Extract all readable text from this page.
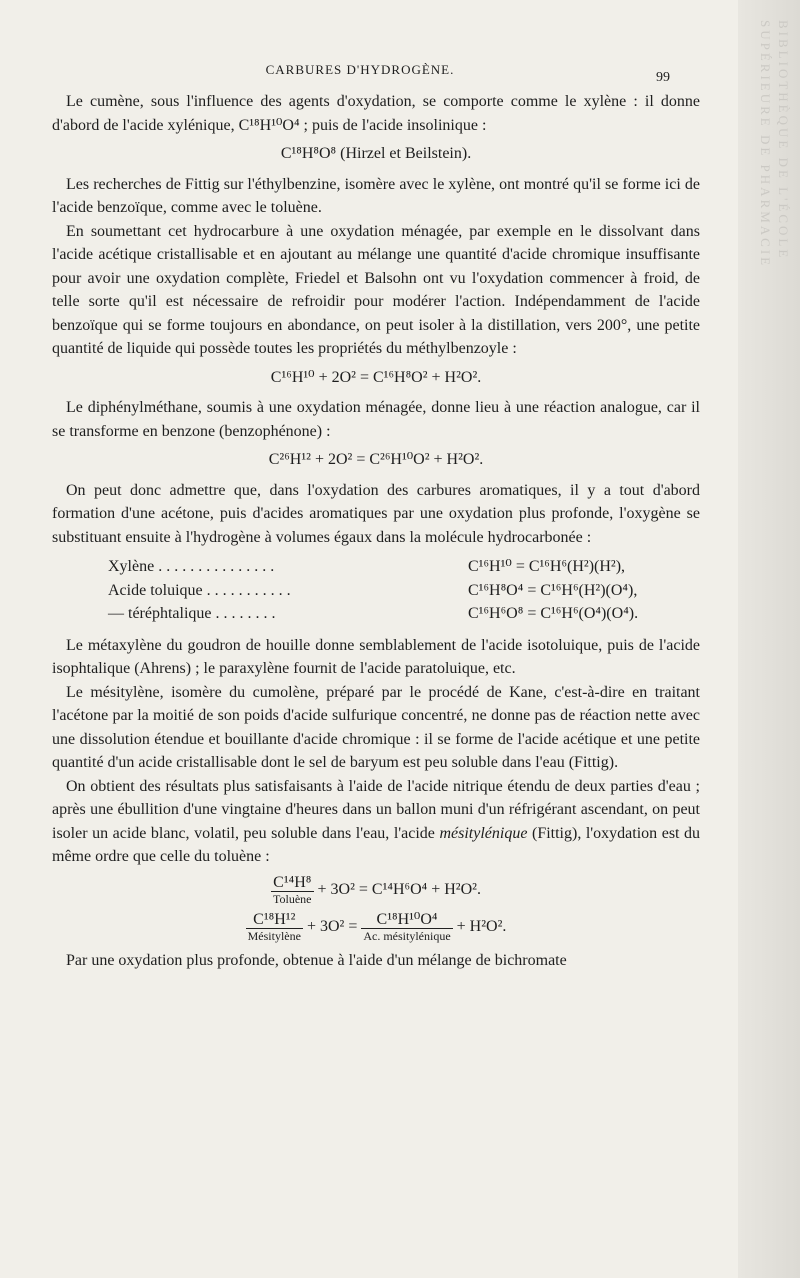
BIBLIOTHÈQUE DE L'ÉCOLE SUPÉRIEURE DE PHARMACIE
CARBURES D'HYDROGÈNE.
99

Le cumène, sous l'influence des agents d'oxydation, se comporte comme le xylène : il donne d'abord de l'acide xylénique, C¹⁸H¹⁰O⁴ ; puis de l'acide insolinique :

C¹⁸H⁸O⁸ (Hirzel et Beilstein).

Les recherches de Fittig sur l'éthylbenzine, isomère avec le xylène, ont montré qu'il se forme ici de l'acide benzoïque, comme avec le toluène.

En soumettant cet hydrocarbure à une oxydation ménagée, par exemple en le dissolvant dans l'acide acétique cristallisable et en ajoutant au mélange une quantité d'acide chromique insuffisante pour avoir une oxydation complète, Friedel et Balsohn ont vu l'oxydation commencer à froid, de telle sorte qu'il est nécessaire de refroidir pour modérer l'action. Indépendamment de l'acide benzoïque qui se forme toujours en abondance, on peut isoler à la distillation, vers 200°, une petite quantité de liquide qui possède toutes les propriétés du méthylbenzoyle :

C¹⁶H¹⁰ + 2O² = C¹⁶H⁸O² + H²O².

Le diphénylméthane, soumis à une oxydation ménagée, donne lieu à une réaction analogue, car il se transforme en benzone (benzophénone) :

C²⁶H¹² + 2O² = C²⁶H¹⁰O² + H²O².

On peut donc admettre que, dans l'oxydation des carbures aromatiques, il y a tout d'abord formation d'une acétone, puis d'acides aromatiques par une oxydation plus profonde, l'oxygène se substituant ensuite à l'hydrogène à volumes égaux dans la molécule hydrocarbonée :

Xylène . . . . . . . . . . . . . . .	C¹⁶H¹⁰ = C¹⁶H⁶(H²)(H²),
Acide toluique . . . . . . . . . . .	C¹⁶H⁸O⁴ = C¹⁶H⁶(H²)(O⁴),
— téréphtalique . . . . . . . .	C¹⁶H⁶O⁸ = C¹⁶H⁶(O⁴)(O⁴).

Le métaxylène du goudron de houille donne semblablement de l'acide isotoluique, puis de l'acide isophtalique (Ahrens) ; le paraxylène fournit de l'acide paratoluique, etc.

Le mésitylène, isomère du cumolène, préparé par le procédé de Kane, c'est-à-dire en traitant l'acétone par la moitié de son poids d'acide sulfurique concentré, ne donne pas de réaction nette avec une dissolution étendue et bouillante d'acide chromique : il se forme de l'acide acétique et une petite quantité d'un acide cristallisable dont le sel de baryum est peu soluble dans l'eau (Fittig).

On obtient des résultats plus satisfaisants à l'aide de l'acide nitrique étendu de deux parties d'eau ; après une ébullition d'une vingtaine d'heures dans un ballon muni d'un réfrigérant ascendant, on peut isoler un acide blanc, volatil, peu soluble dans l'eau, l'acide mésitylénique (Fittig), l'oxydation est du même ordre que celle du toluène :

$\frac{\text{C¹⁴H⁸}}{\text{Toluène}} + 3O^2 = C^{14}H^6O^4 + H^2O^2$.
$\frac{\text{C¹⁸H¹²}}{\text{Mésitylène}} + 3O^2 = \frac{\text{C¹⁸H¹⁰O⁴}}{\text{Ac. mésitylénique}} + H^2O^2$.

Par une oxydation plus profonde, obtenue à l'aide d'un mélange de bichromate
